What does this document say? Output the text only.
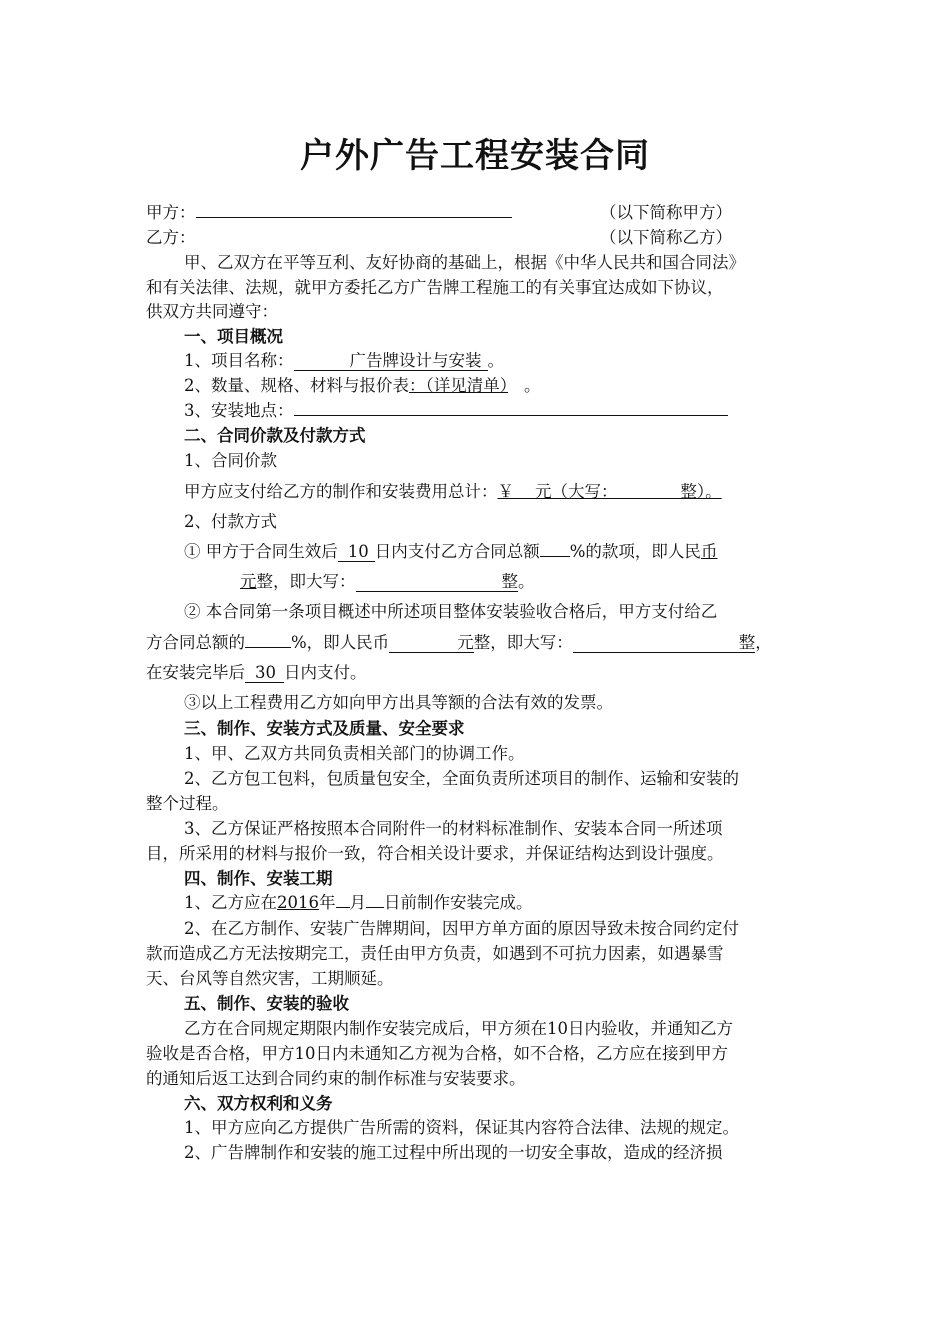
户外广告工程安装合同
甲方：	（以下简称甲方）
乙方：	（以下简称乙方）
甲、乙双方在平等互利、友好协商的基础上，根据《中华人民共和国合同法》
和有关法律、法规，就甲方委托乙方广告牌工程施工的有关事宜达成如下协议，
供双方共同遵守：
一、项目概况
1、项目名称：	广告牌设计与安装 。
2、数量、规格、材料与报价表：（详见清单） 。
3、安装地点：
二、合同价款及付款方式
1、合同价款
甲方应支付给乙方的制作和安装费用总计：￥    元（大写：            整）。
2、付款方式
① 甲方于合同生效后 10 日内支付乙方合同总额 %的款项，即人民币
元整，即大写：	整。
② 本合同第一条项目概述中所述项目整体安装验收合格后，甲方支付给乙
方合同总额的	%，即人民币	元整，即大写：	整，
在安装完毕后 30 日内支付。
③以上工程费用乙方如向甲方出具等额的合法有效的发票。
三、制作、安装方式及质量、安全要求
1、甲、乙双方共同负责相关部门的协调工作。
2、乙方包工包料，包质量包安全，全面负责所述项目的制作、运输和安装的
整个过程。
3、乙方保证严格按照本合同附件一的材料标准制作、安装本合同一所述项
目，所采用的材料与报价一致，符合相关设计要求，并保证结构达到设计强度。
四、制作、安装工期
1、乙方应在2016年 月 日前制作安装完成。
2、在乙方制作、安装广告牌期间，因甲方单方面的原因导致未按合同约定付
款而造成乙方无法按期完工，责任由甲方负责，如遇到不可抗力因素，如遇暴雪
天、台风等自然灾害，工期顺延。
五、制作、安装的验收
乙方在合同规定期限内制作安装完成后，甲方须在10日内验收，并通知乙方
验收是否合格，甲方10日内未通知乙方视为合格，如不合格，乙方应在接到甲方
的通知后返工达到合同约束的制作标准与安装要求。
六、双方权利和义务
1、甲方应向乙方提供广告所需的资料，保证其内容符合法律、法规的规定。
2、广告牌制作和安装的施工过程中所出现的一切安全事故，造成的经济损
